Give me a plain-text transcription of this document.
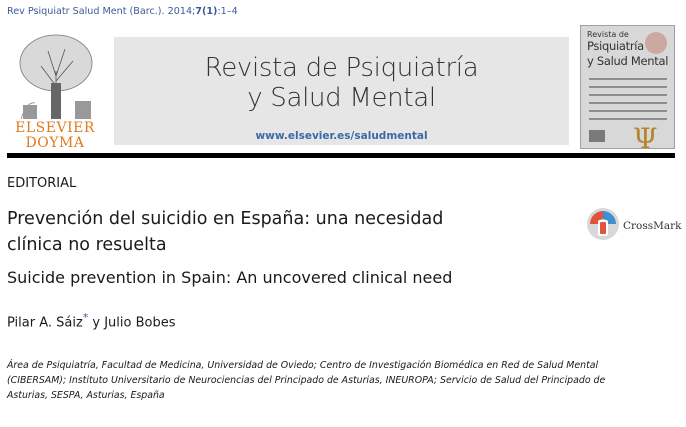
Rev Psiquiatr Salud Ment (Barc.). 2014;7(1):1–4
ELSEVIER
DOYMA
Revista de Psiquiatría
y Salud Mental
www.elsevier.es/saludmental
Revista de
Psiquiatría
y Salud Mental
Ψ
EDITORIAL
Prevención del suicidio en España: una necesidad
clínica no resuelta
CrossMark
Suicide prevention in Spain: An uncovered clinical need
Pilar A. Sáiz* y Julio Bobes
Área de Psiquiatría, Facultad de Medicina, Universidad de Oviedo; Centro de Investigación Biomédica en Red de Salud Mental
(CIBERSAM); Instituto Universitario de Neurociencias del Principado de Asturias, INEUROPA; Servicio de Salud del Principado de
Asturias, SESPA, Asturias, España
